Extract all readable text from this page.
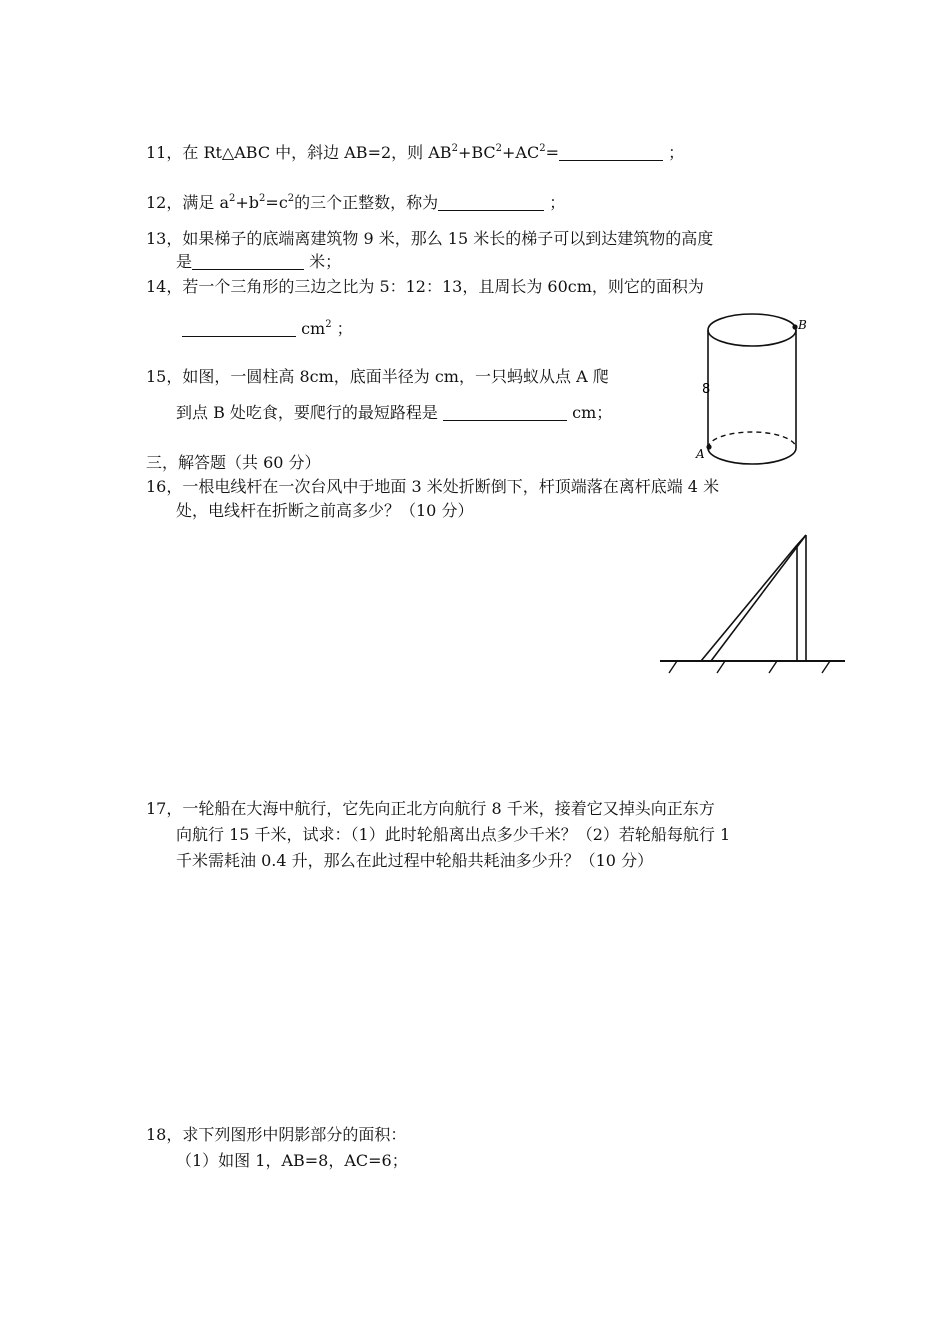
11，在 Rt△ABC 中，斜边 AB=2，则 $AB^2+BC^2+AC^2=$	；
12，满足 $a^2+b^2=c^2$的三个正整数，称为	；
13，如果梯子的底端离建筑物 9 米，那么 15 米长的梯子可以到达建筑物的高度
是	米；
14，若一个三角形的三边之比为 5：12：13，且周长为 60cm，则它的面积为
$cm^2$ ；
15，如图，一圆柱高 8cm，底面半径为 cm，一只蚂蚁从点 A 爬
到点 B 处吃食，要爬行的最短路程是	cm；
8
B
A
三，解答题（共 60 分）
16，一根电线杆在一次台风中于地面 3 米处折断倒下，杆顶端落在离杆底端 4 米
处，电线杆在折断之前高多少？（10 分）
17，一轮船在大海中航行，它先向正北方向航行 8 千米，接着它又掉头向正东方
向航行 15 千米，试求：（1）此时轮船离出点多少千米？（2）若轮船每航行 1
千米需耗油 0.4 升，那么在此过程中轮船共耗油多少升？（10 分）
18，求下列图形中阴影部分的面积：
（1）如图 1，AB=8，AC=6；
